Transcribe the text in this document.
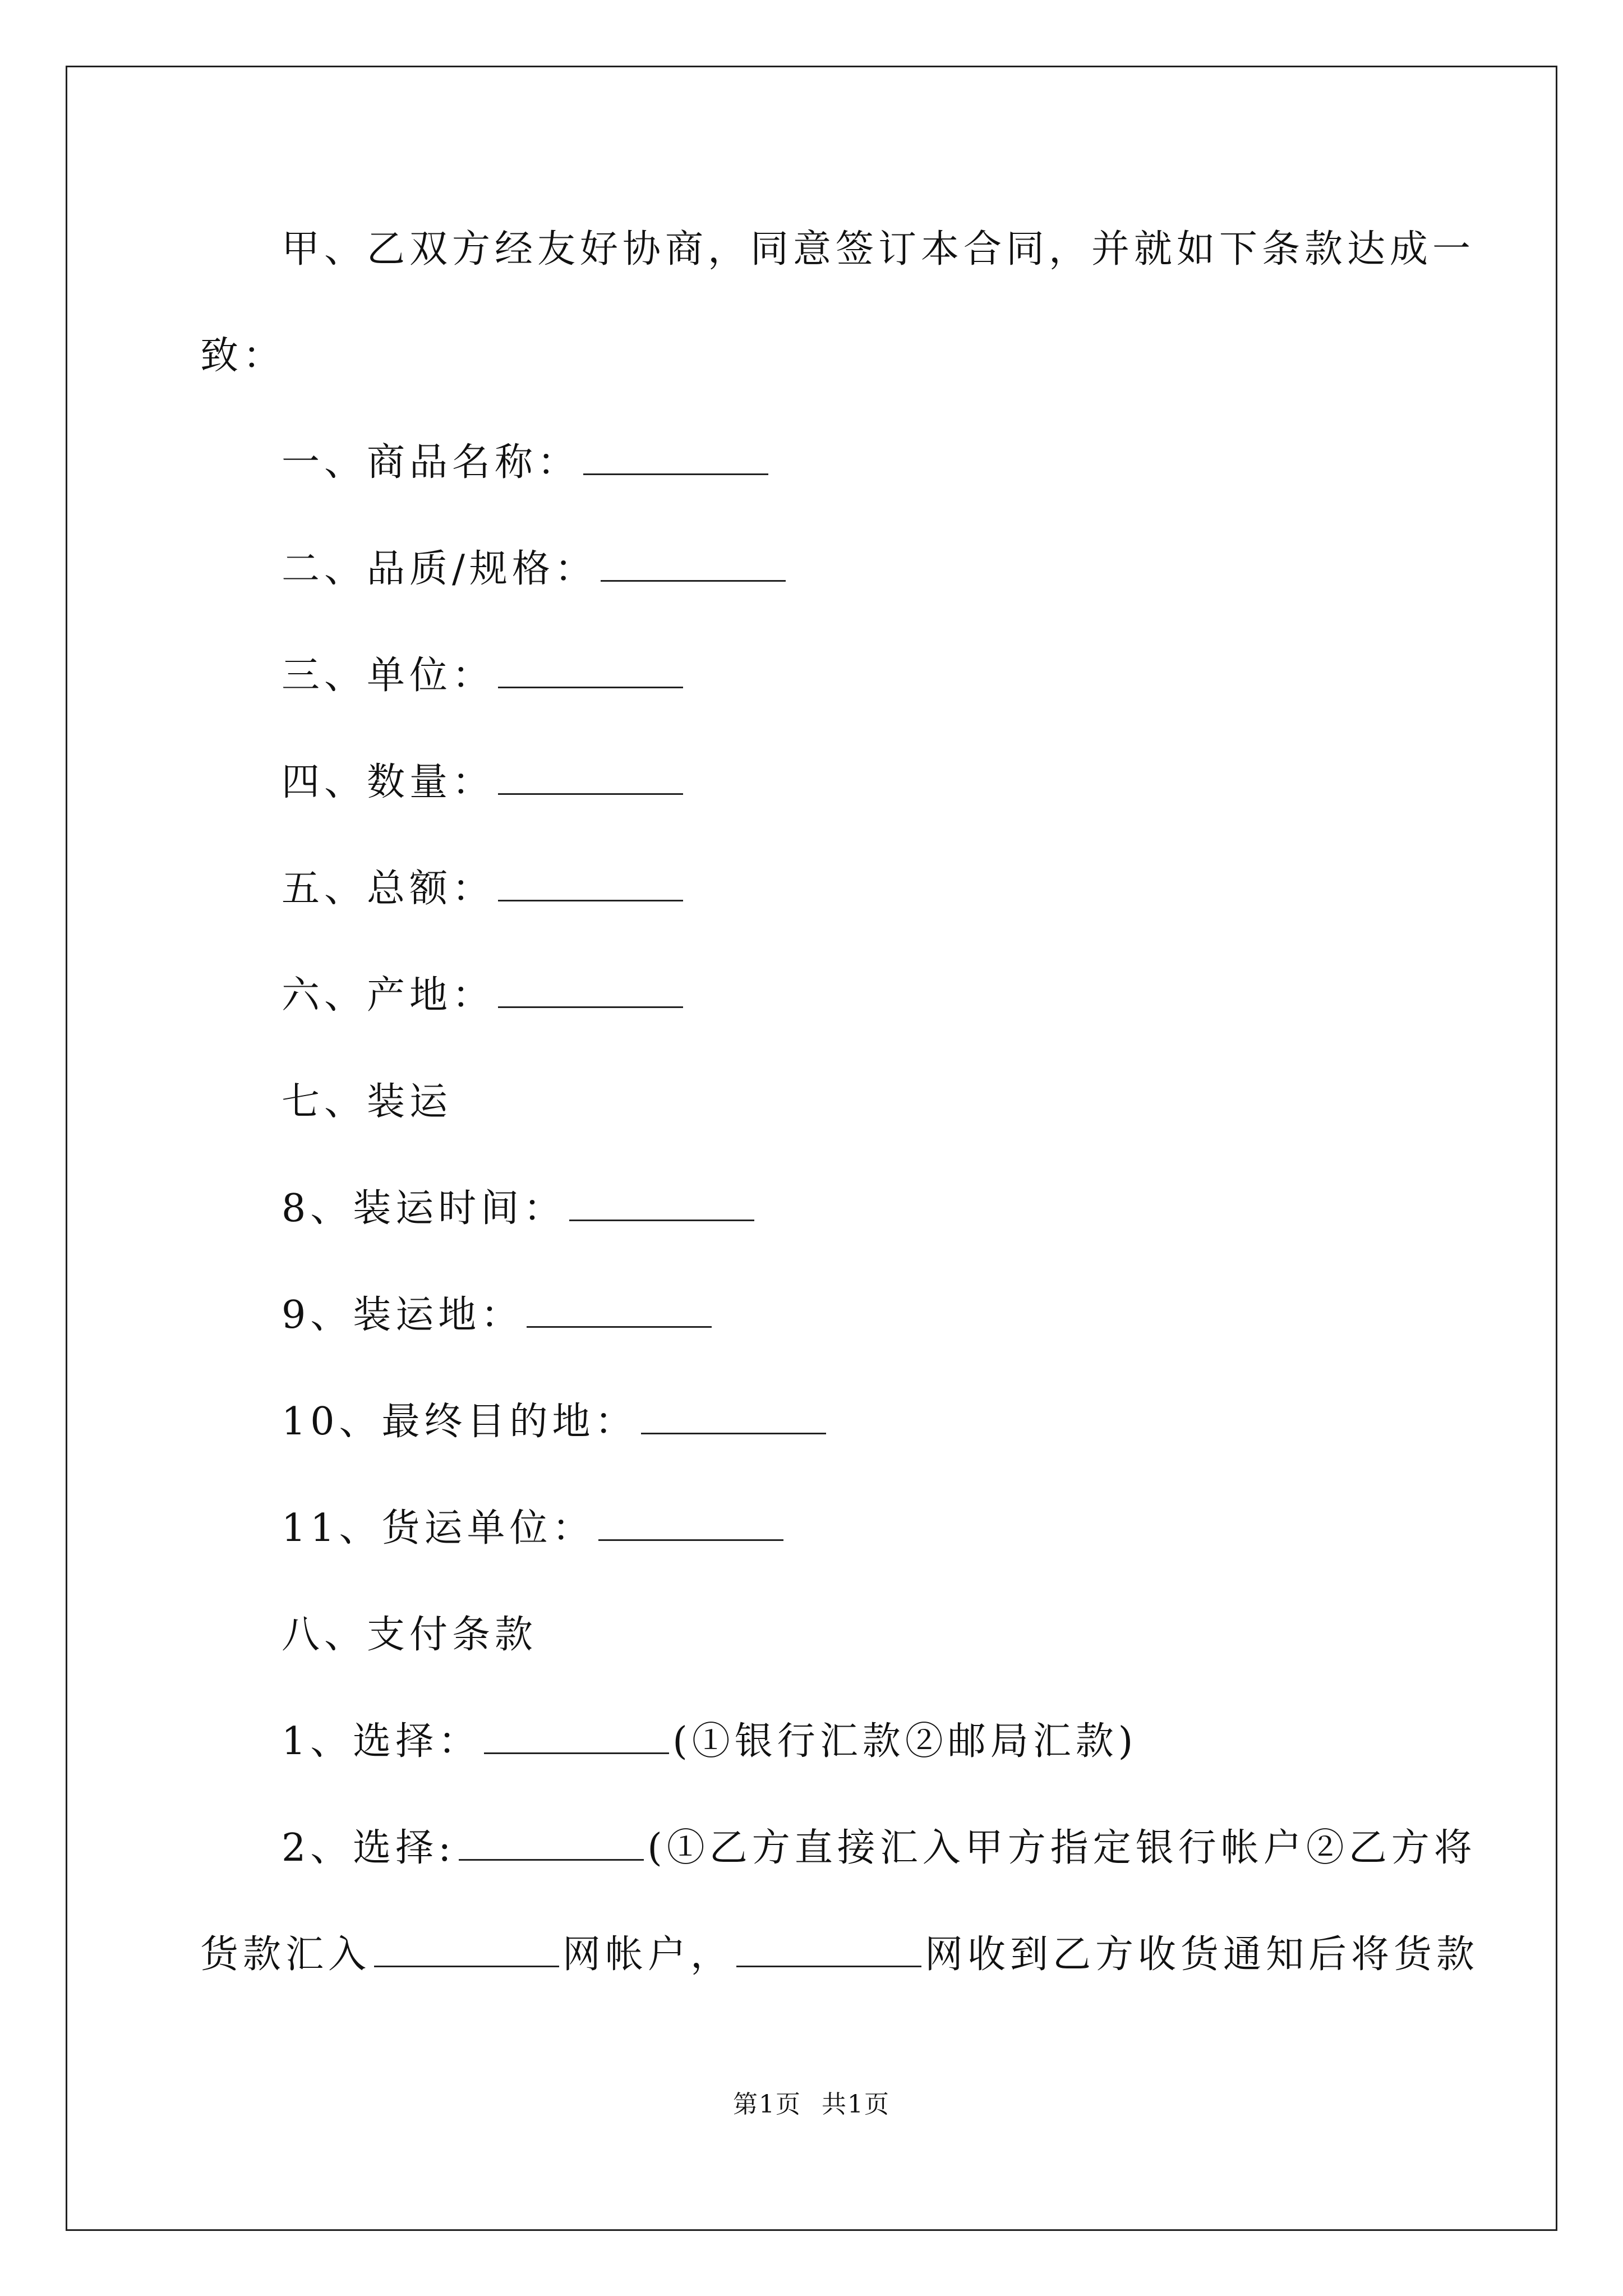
甲、乙双方经友好协商，同意签订本合同，并就如下条款达成一
致：
一、商品名称：
二、品质/规格：
三、单位：
四、数量：
五、总额：
六、产地：
七、装运
8、装运时间：
9、装运地：
10、最终目的地：
11、货运单位：
八、支付条款
1、选择：	(①银行汇款②邮局汇款)
2、选择:	(①乙方直接汇入甲方指定银行帐户②乙方将
货款汇入	网帐户，	网收到乙方收货通知后将货款
第1页 共1页
